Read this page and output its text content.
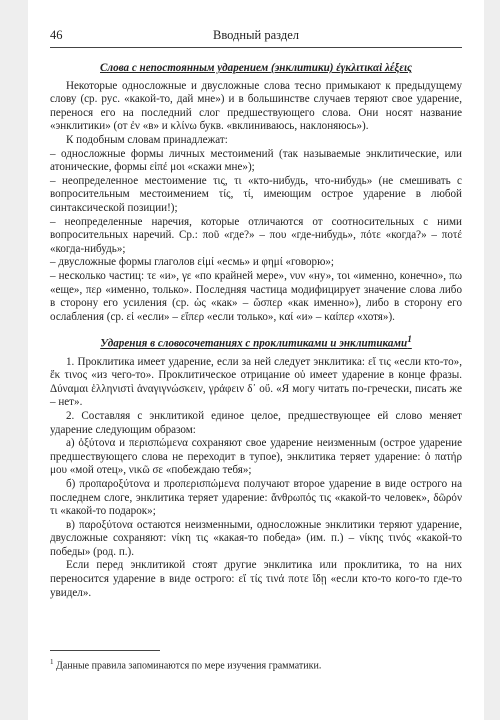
46	Вводный раздел

Слова с непостоянным ударением (энклитики) ἐγκλιτικαὶ λέξεις

Некоторые односложные и двусложные слова тесно примыкают к предыдущему слову (ср. рус. «какой-то, дай мне») и в большинстве случаев теряют свое ударение, перенося его на последний слог предшествующего слова. Они носят название «энклитики» (от ἐν «в» и κλίνω букв. «вклиниваюсь, наклоняюсь»).

К подобным словам принадлежат:

– односложные формы личных местоимений (так называемые энклитические, или атонические, формы εἰπέ μοι «скажи мне»);

– неопределенное местоимение τις, τι «кто-нибудь, что-нибудь» (не смешивать с вопросительным местоимением τίς, τί, имеющим острое ударение в любой синтаксической позиции!);

– неопределенные наречия, которые отличаются от соотносительных с ними вопросительных наречий. Ср.: ποῦ «где?» – που «где-нибудь», πότε «когда?» – ποτέ «когда-нибудь»;

– двусложные формы глаголов εἰμί «есмь» и φημί «говорю»;

– несколько частиц: τε «и», γε «по крайней мере», νυν «ну», τοι «именно, конечно», πω «еще», περ «именно, только». Последняя частица модифицирует значение слова либо в сторону его усиления (ср. ὡς «как» – ὥσπερ «как именно»), либо в сторону его ослабления (ср. εἰ «если» – εἴπερ «если только», καί «и» – καίπερ «хотя»).

Ударения в словосочетаниях с проклитиками и энклитиками$^1$

1. Проклитика имеет ударение, если за ней следует энклитика: εἴ τις «если кто-то», ἔκ τινος «из чего-то». Проклитическое отрицание οὐ имеет ударение в конце фразы. Δύναμαι ἑλληνιστὶ ἀναγιγνώσκειν, γράφειν δ᾽ οὔ. «Я могу читать по-гречески, писать же – нет».

2. Составляя с энклитикой единое целое, предшествующее ей слово меняет ударение следующим образом:

а) ὀξύτονα и περισπώμενα сохраняют свое ударение неизменным (острое ударение предшествующего слова не переходит в тупое), энклитика теряет ударение: ὁ πατήρ μου «мой отец», νικῶ σε «побеждаю тебя»;

б) προπαροξύτονα и προπερισπώμενα получают второе ударение в виде острого на последнем слоге, энклитика теряет ударение: ἄνθρωπός τις «какой-то человек», δῶρόν τι «какой-то подарок»;

в) παροξύτονα остаются неизменными, односложные энклитики теряют ударение, двусложные сохраняют: νίκη τις «какая-то победа» (им. п.) – νίκης τινός «какой-то победы» (род. п.).

Если перед энклитикой стоят другие энклитика или проклитика, то на них переносится ударение в виде острого: εἴ τίς τινά ποτε ἴδῃ «если кто-то кого-то где-то увидел».

$^1$ Данные правила запоминаются по мере изучения грамматики.
